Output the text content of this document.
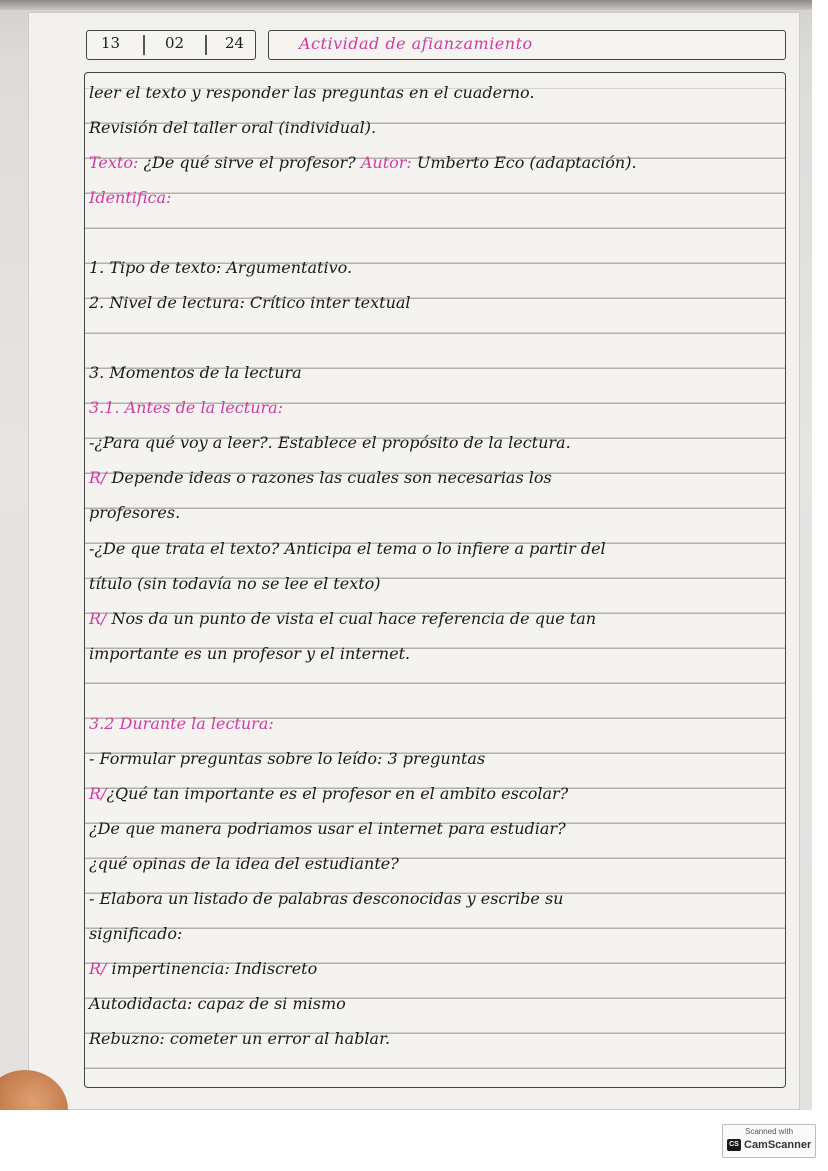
13	02	24	Actividad de afianzamiento
leer el texto y responder las preguntas en el cuaderno.
Revisión del taller oral (individual).
Texto: ¿De qué sirve el profesor? Autor: Umberto Eco (adaptación).
Identifica:
1. Tipo de texto: Argumentativo.
2. Nivel de lectura: Crítico inter textual
3. Momentos de la lectura
3.1. Antes de la lectura:
-¿Para qué voy a leer?. Establece el propósito de la lectura.
R/ Depende ideas o razones las cuales son necesarias los
profesores.
-¿De que trata el texto? Anticipa el tema o lo infiere a partir del
título (sin todavía no se lee el texto)
R/ Nos da un punto de vista el cual hace referencia de que tan
importante es un profesor y el internet.
3.2 Durante la lectura:
- Formular preguntas sobre lo leído: 3 preguntas
R/¿Qué tan importante es el profesor en el ambito escolar?
¿De que manera podriamos usar el internet para estudiar?
¿qué opinas de la idea del estudiante?
- Elabora un listado de palabras desconocidas y escribe su
significado:
R/ impertinencia: Indiscreto
Autodidacta: capaz de si mismo
Rebuzno: cometer un error al hablar.
Scanned with
CS CamScanner
